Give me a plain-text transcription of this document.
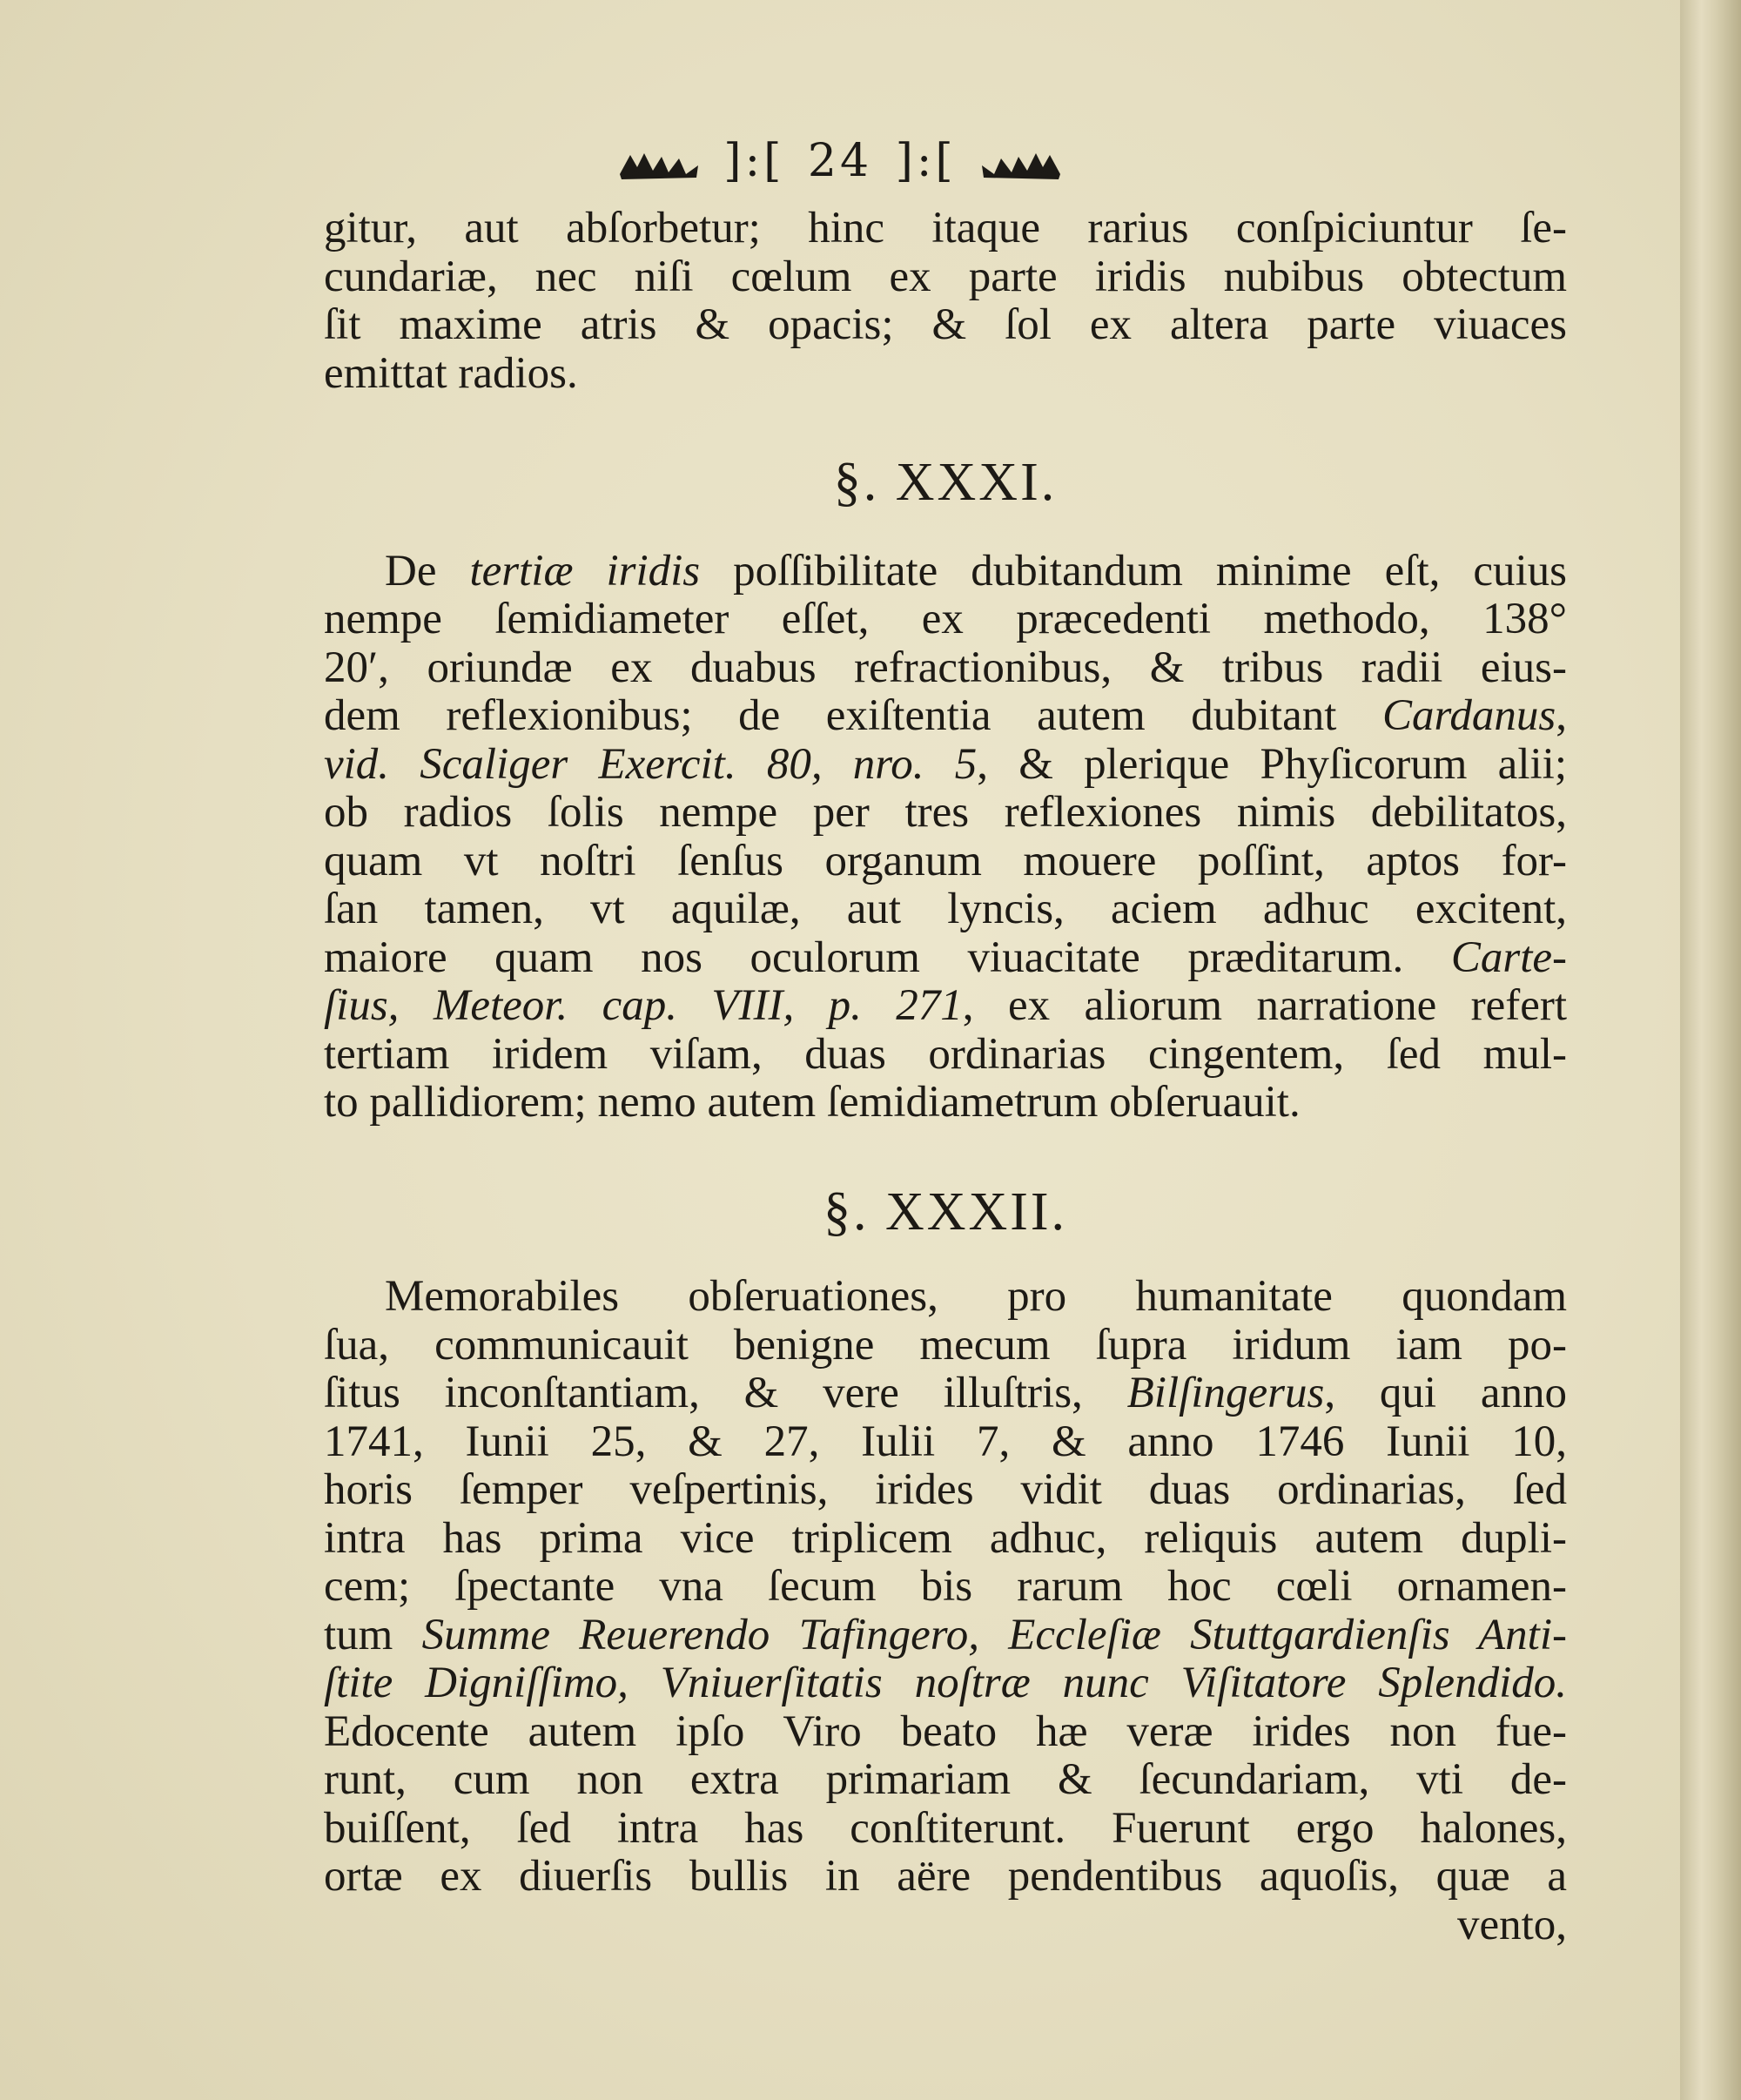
]:[ 24 ]:[

gitur, aut abſorbetur; hinc itaque rarius conſpiciuntur ſe-
cundariæ, nec niſi cœlum ex parte iridis nubibus obtectum
ſit maxime atris & opacis; & ſol ex altera parte viuaces
emittat radios.

§. XXXI.

De tertiæ iridis poſſibilitate dubitandum minime eſt, cuius
nempe ſemidiameter eſſet, ex præcedenti methodo, 138°
20′, oriundæ ex duabus refractionibus, & tribus radii eius-
dem reflexionibus; de exiſtentia autem dubitant Cardanus,
vid. Scaliger Exercit. 80, nro. 5, & plerique Phyſicorum alii;
ob radios ſolis nempe per tres reflexiones nimis debilitatos,
quam vt noſtri ſenſus organum mouere poſſint, aptos for-
ſan tamen, vt aquilæ, aut lyncis, aciem adhuc excitent,
maiore quam nos oculorum viuacitate præditarum. Carte-
ſius, Meteor. cap. VIII, p. 271, ex aliorum narratione refert
tertiam iridem viſam, duas ordinarias cingentem, ſed mul-
to pallidiorem; nemo autem ſemidiametrum obſeruauit.

§. XXXII.

Memorabiles obſeruationes, pro humanitate quondam
ſua, communicauit benigne mecum ſupra iridum iam po-
ſitus inconſtantiam, & vere illuſtris, Bilſingerus, qui anno
1741, Iunii 25, & 27, Iulii 7, & anno 1746 Iunii 10,
horis ſemper veſpertinis, irides vidit duas ordinarias, ſed
intra has prima vice triplicem adhuc, reliquis autem dupli-
cem; ſpectante vna ſecum bis rarum hoc cœli ornamen-
tum Summe Reuerendo Tafingero, Eccleſiæ Stuttgardienſis Anti-
ſtite Digniſſimo, Vniuerſitatis noſtræ nunc Viſitatore Splendido.
Edocente autem ipſo Viro beato hæ veræ irides non fue-
runt, cum non extra primariam & ſecundariam, vti de-
buiſſent, ſed intra has conſtiterunt. Fuerunt ergo halones,
ortæ ex diuerſis bullis in aëre pendentibus aquoſis, quæ a
vento,
